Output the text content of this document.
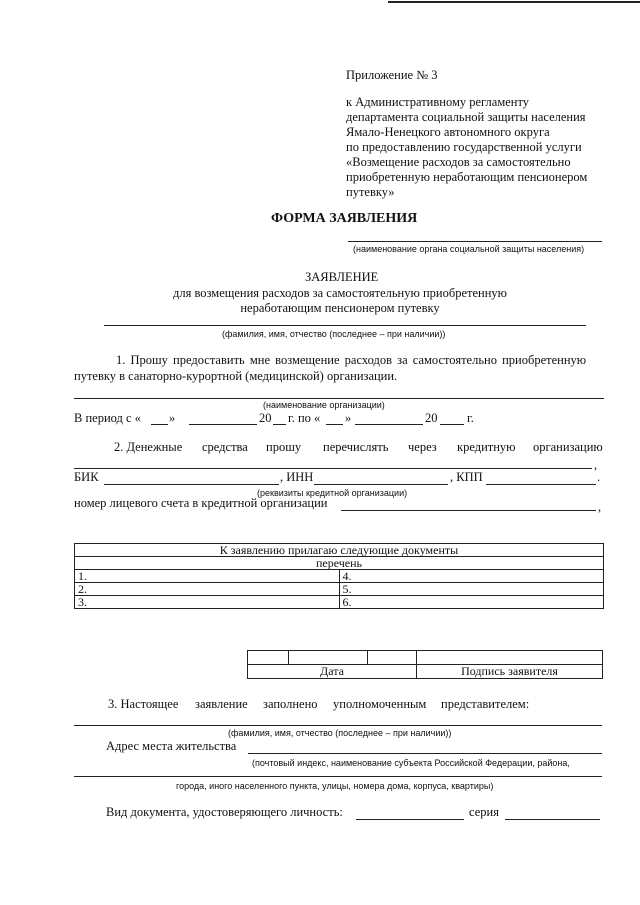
Приложение № 3
к Административному регламенту
департамента социальной защиты населения
Ямало-Ненецкого автономного округа
по предоставлению государственной услуги
«Возмещение расходов за самостоятельно
приобретенную неработающим пенсионером
путевку»
ФОРМА ЗАЯВЛЕНИЯ
(наименование органа социальной защиты населения)
ЗАЯВЛЕНИЕ
для возмещения расходов за самостоятельную приобретенную
неработающим пенсионером путевку
(фамилия, имя, отчество (последнее – при наличии))
1. Прошу предоставить мне возмещение расходов за самостоятельно приобретенную
путевку в санаторно-курортной (медицинской) организации.
(наименование организации)
В период с « »	20 г. по « »	20 г.
2. Денежные средства прошу перечислять через кредитную организацию
,
БИК	, ИНН	, КПП	.
(реквизиты кредитной организации)
номер лицевого счета в кредитной организации	,
К заявлению прилагаю следующие документы	
перечень	
1.	4.
2.	5.
3.	6.

Дата			Подпись заявителя
3. Настоящее заявление заполнено уполномоченным представителем:
(фамилия, имя, отчество (последнее – при наличии))
Адрес места жительства
(почтовый индекс, наименование субъекта Российской Федерации, района,
города, иного населенного пункта, улицы, номера дома, корпуса, квартиры)
Вид документа, удостоверяющего личность:	серия
